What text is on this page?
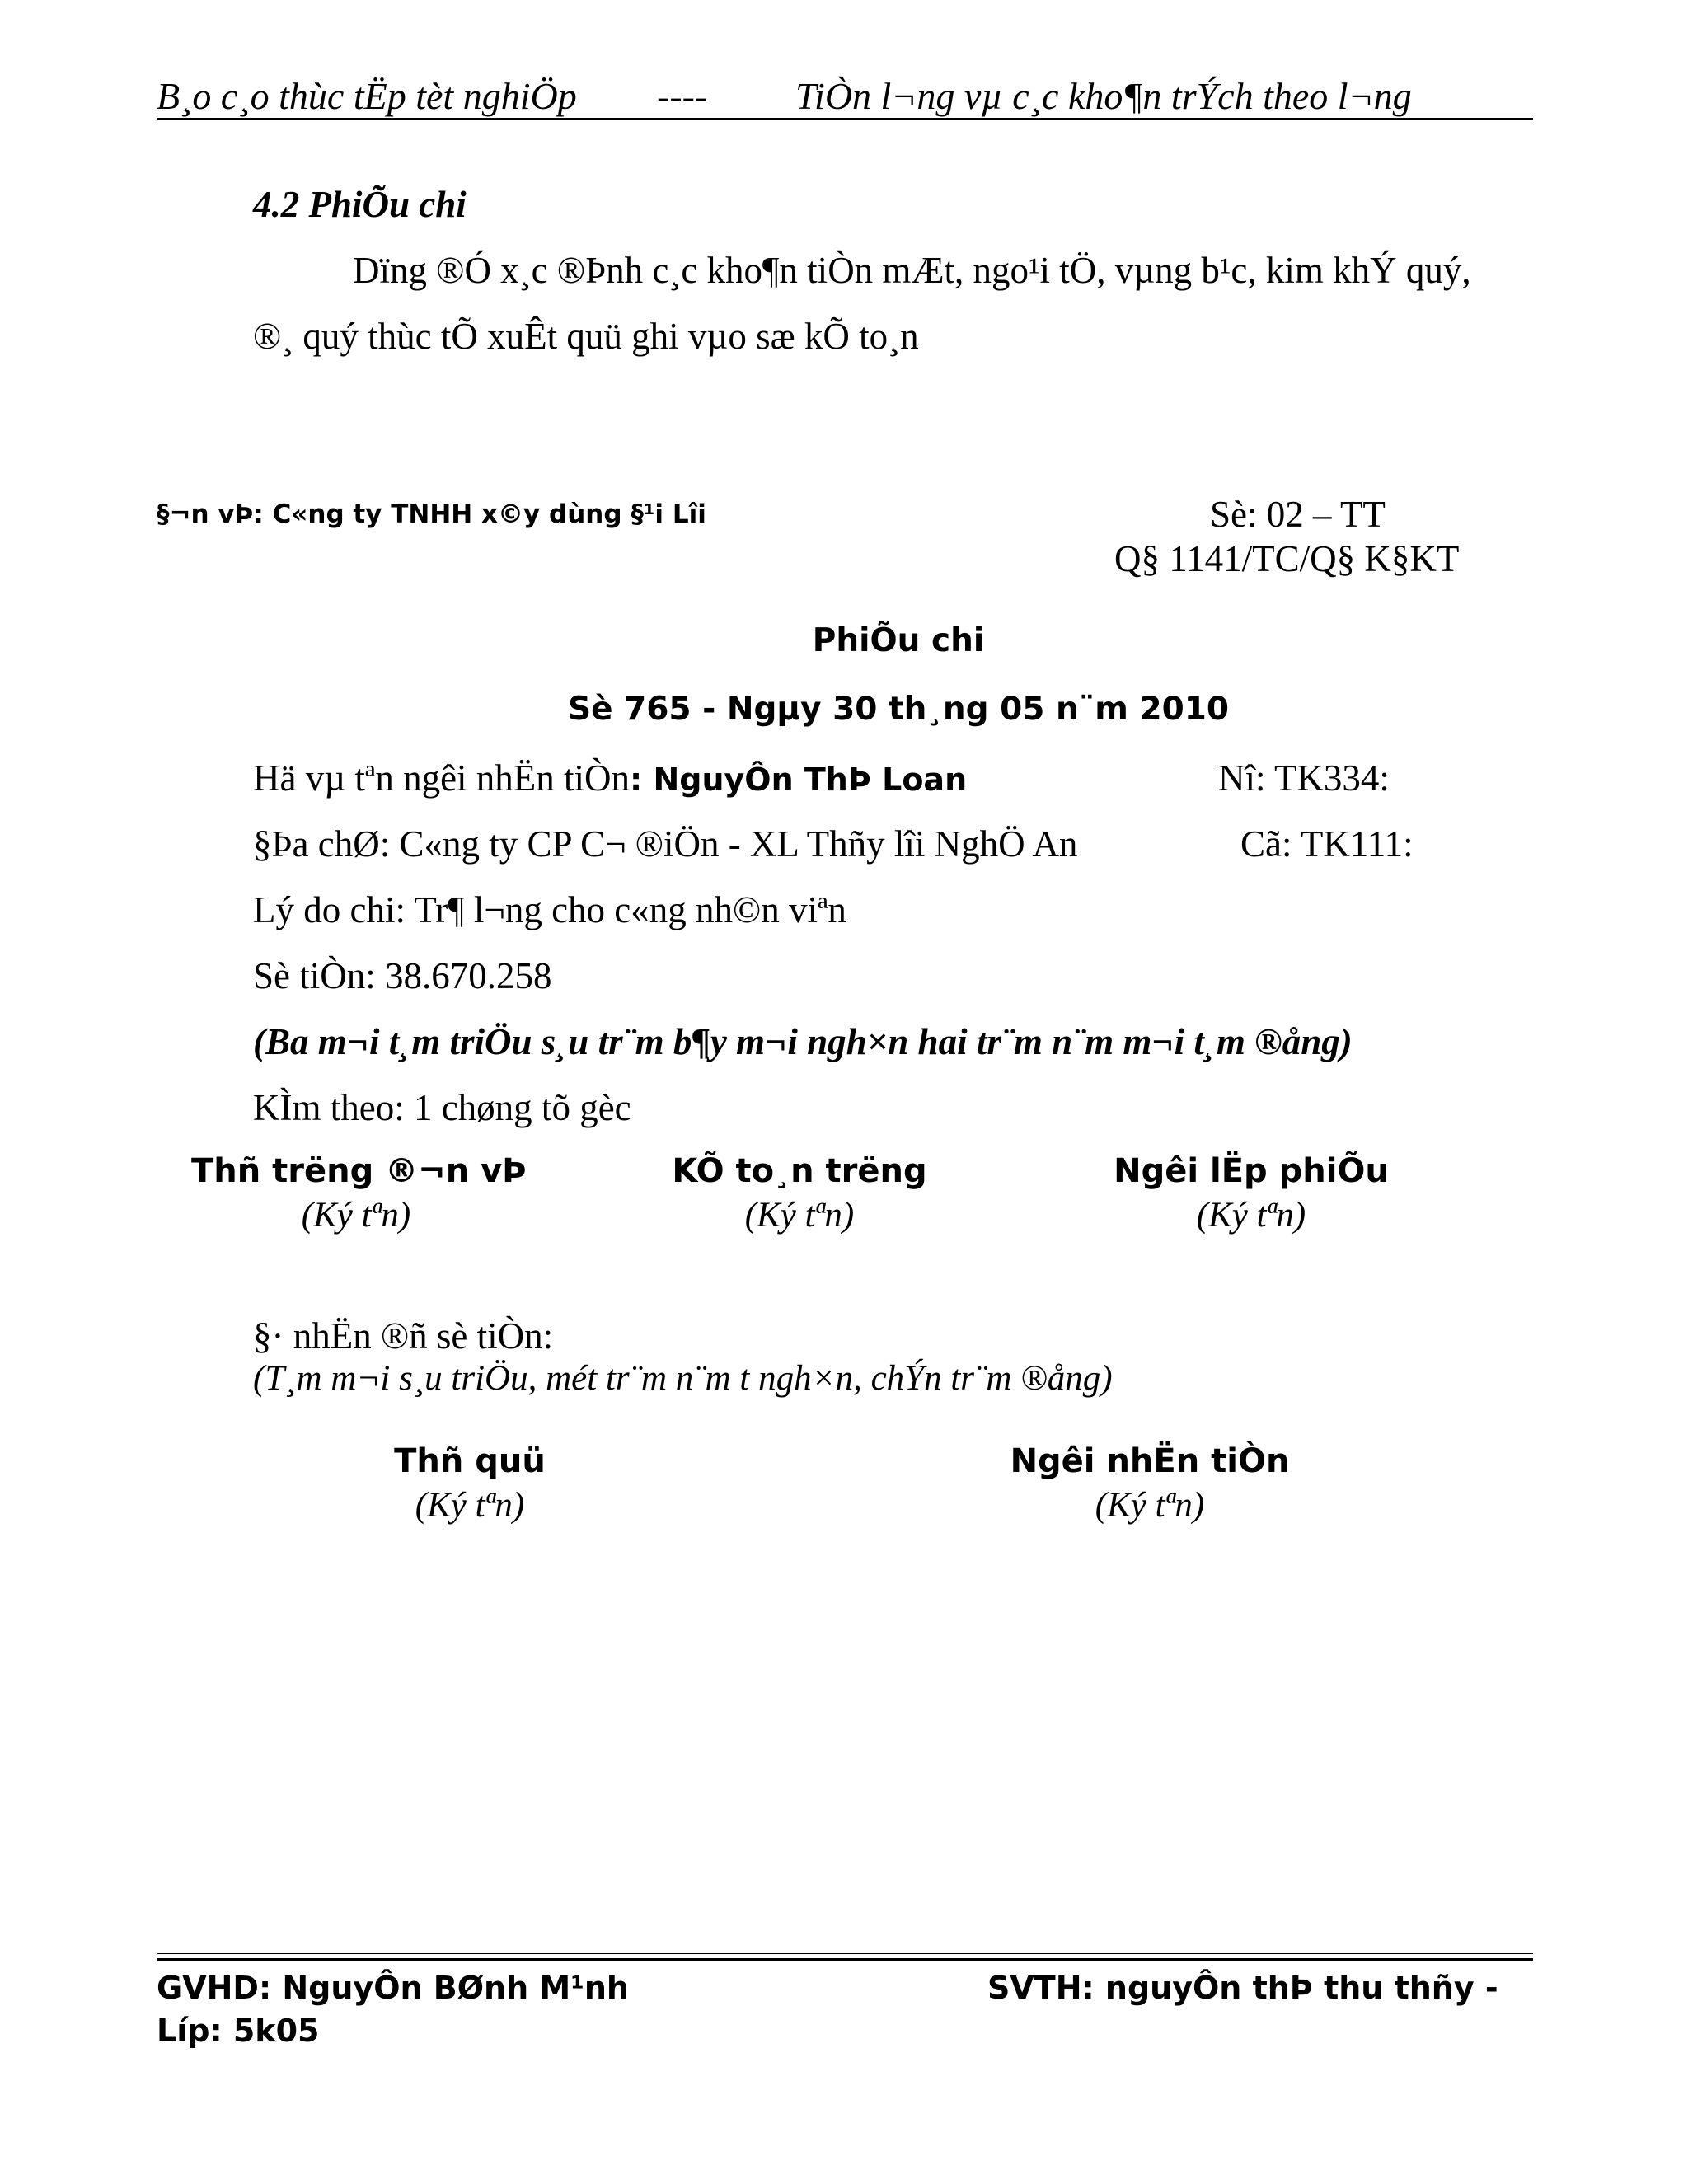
B¸o c¸o thùc tËp tèt nghiÖp ---- TiÒn l¬ng vµ c¸c kho¶n trÝch theo l¬ng
4.2 PhiÕu chi
Dïng ®Ó x¸c ®Þnh c¸c kho¶n tiÒn mÆt, ngo¹i tÖ, vµng b¹c, kim khÝ quý,
®¸ quý thùc tÕ xuÊt quü ghi vµo sæ kÕ to¸n
§¬n vÞ: C«ng ty TNHH x©y dùng §¹i Lîi	Sè: 02 – TT
Q§ 1141/TC/Q§ K§KT
PhiÕu chi
Sè 765 - Ngµy 30 th¸ng 05 n¨m 2010
Hä vµ tªn ngêi nhËn tiÒn: NguyÔn ThÞ Loan	Nî: TK334:
§Þa chØ: C«ng ty CP C¬ ®iÖn - XL Thñy lîi NghÖ An	Cã: TK111:
Lý do chi: Tr¶ l¬ng cho c«ng nh©n viªn
Sè tiÒn: 38.670.258
(Ba m¬i t¸m triÖu s¸u tr¨m b¶y m¬i ngh×n hai tr¨m n¨m m¬i t¸m ®ång)
KÌm theo: 1 chøng tõ gèc
Thñ trëng ®¬n vÞ
(Ký tªn)
KÕ to¸n trëng
(Ký tªn)
Ngêi lËp phiÕu
(Ký tªn)
§· nhËn ®ñ sè tiÒn:
(T¸m m¬i s¸u triÖu, mét tr¨m n¨m t ngh×n, chÝn tr¨m ®ång)
Thñ quü
(Ký tªn)
Ngêi nhËn tiÒn
(Ký tªn)
GVHD: NguyÔn BØnh M¹nh	SVTH: nguyÔn thÞ thu thñy -
Líp: 5k05
